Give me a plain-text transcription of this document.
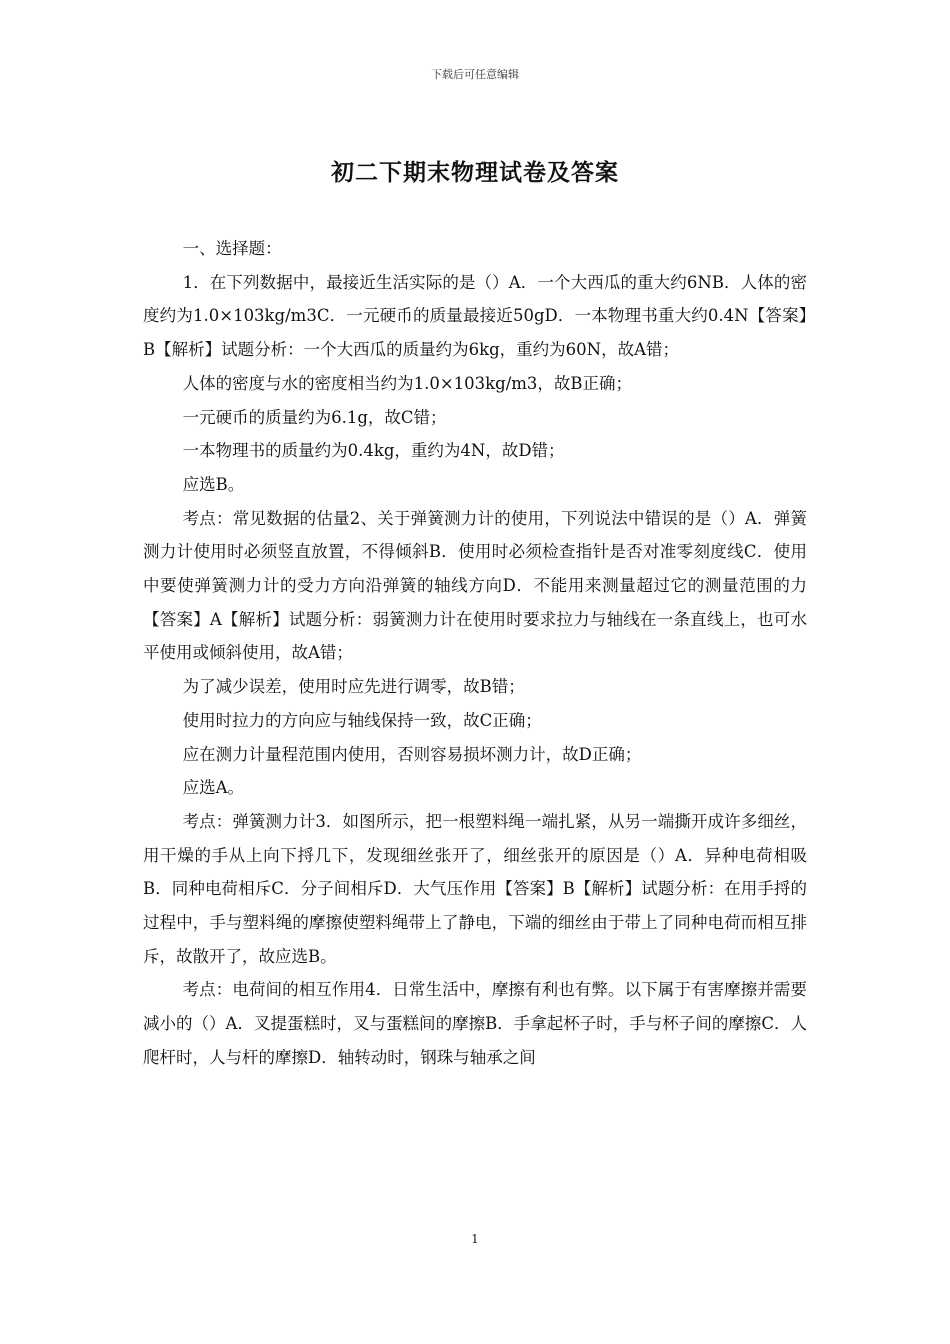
下载后可任意编辑
初二下期末物理试卷及答案

一、选择题：

1．在下列数据中，最接近生活实际的是（）A．一个大西瓜的重大约6NB．人体的密度约为1.0×103kg/m3C．一元硬币的质量最接近50gD．一本物理书重大约0.4N【答案】B【解析】试题分析：一个大西瓜的质量约为6kg，重约为60N，故A错；

人体的密度与水的密度相当约为1.0×103kg/m3，故B正确；

一元硬币的质量约为6.1g，故C错；

一本物理书的质量约为0.4kg，重约为4N，故D错；

应选B。

考点：常见数据的估量2、关于弹簧测力计的使用，下列说法中错误的是（）A．弹簧测力计使用时必须竖直放置，不得倾斜B．使用时必须检查指针是否对准零刻度线C．使用中要使弹簧测力计的受力方向沿弹簧的轴线方向D．不能用来测量超过它的测量范围的力【答案】A【解析】试题分析：弱簧测力计在使用时要求拉力与轴线在一条直线上，也可水平使用或倾斜使用，故A错；

为了减少误差，使用时应先进行调零，故B错；

使用时拉力的方向应与轴线保持一致，故C正确；

应在测力计量程范围内使用，否则容易损坏测力计，故D正确；

应选A。

考点：弹簧测力计3．如图所示，把一根塑料绳一端扎紧，从另一端撕开成许多细丝，用干燥的手从上向下捋几下，发现细丝张开了，细丝张开的原因是（）A．异种电荷相吸B．同种电荷相斥C．分子间相斥D．大气压作用【答案】B【解析】试题分析：在用手捋的过程中，手与塑料绳的摩擦使塑料绳带上了静电，下端的细丝由于带上了同种电荷而相互排斥，故散开了，故应选B。

考点：电荷间的相互作用4．日常生活中，摩擦有利也有弊。以下属于有害摩擦并需要减小的（）A．叉提蛋糕时，叉与蛋糕间的摩擦B．手拿起杯子时，手与杯子间的摩擦C．人爬杆时，人与杆的摩擦D．轴转动时，钢珠与轴承之间

1
